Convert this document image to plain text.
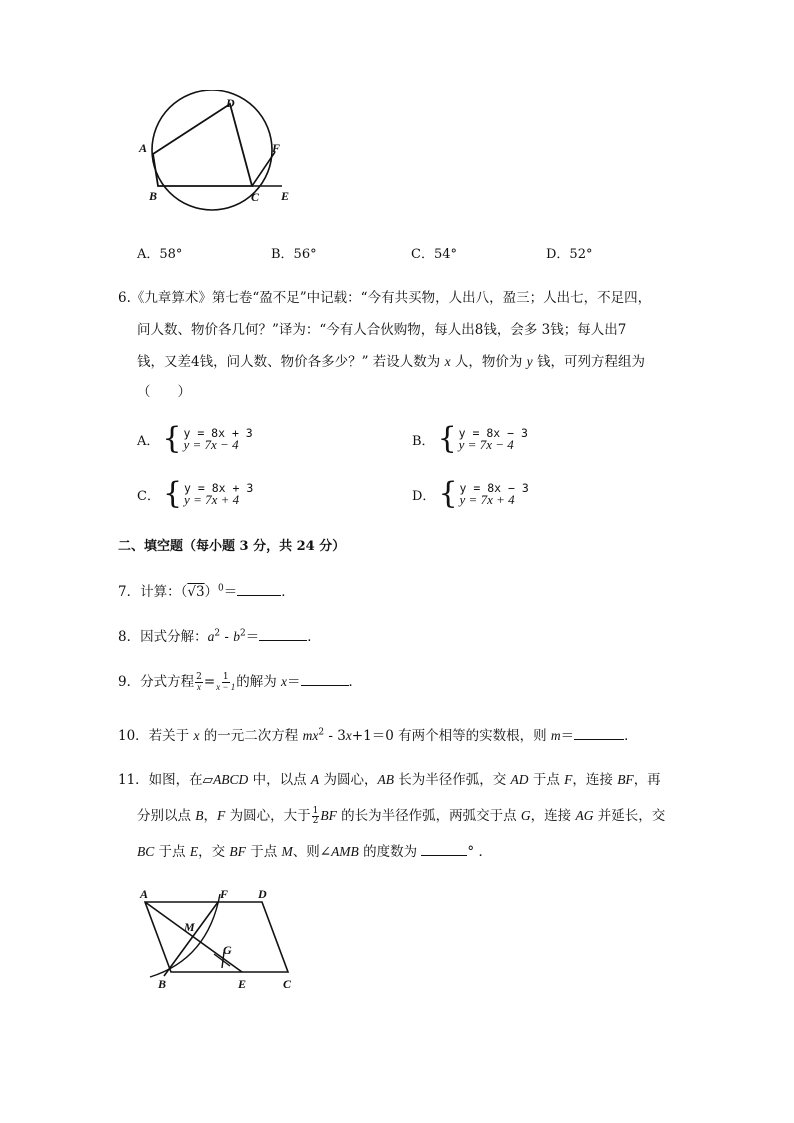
D
A
B	C E
F
A．58°	B．56°	C．54°	D．52°
6.《九章算术》第七卷“盈不足”中记载：“今有共买物，人出八，盈三；人出七，不足四，
问人数、物价各几何？”译为：“今有人合伙购物，每人出8钱，会多 3钱；每人出7
钱，又差4钱，问人数、物价各多少？” 若设人数为 x 人，物价为 y 钱，可列方程组为
（　　）
A． { y = 8x + 3
y = 7x − 4	B． { y = 8x − 3
y = 7x − 4
C． { y = 8x + 3
y = 7x + 4	D． { y = 8x − 3
y = 7x + 4
二、填空题（每小题 3 分，共 24 分）
7．计算：$(√3)^0=$	．
8．因式分解：$a^2 - b^2=$	．
9．分式方程 $\frac{2}{x} = \frac{1}{x - 1}$ 的解为 x＝	．
10．若关于 x 的一元二次方程 $mx^2 - 3x+1=0$ 有两个相等的实数根，则 m＝	．
11．如图，在▱ABCD 中，以点 A 为圆心，AB 长为半径作弧，交 AD 于点 F，连接 BF，再
分别以点 B，F 为圆心，大于 $\frac{1}{2}$ BF 的长为半径作弧，两弧交于点 G，连接 AG 并延长，交
BC 于点 E，交 BF 于点 M、则∠AMB 的度数为	° ．
A	F D
M
G
B	E	C
